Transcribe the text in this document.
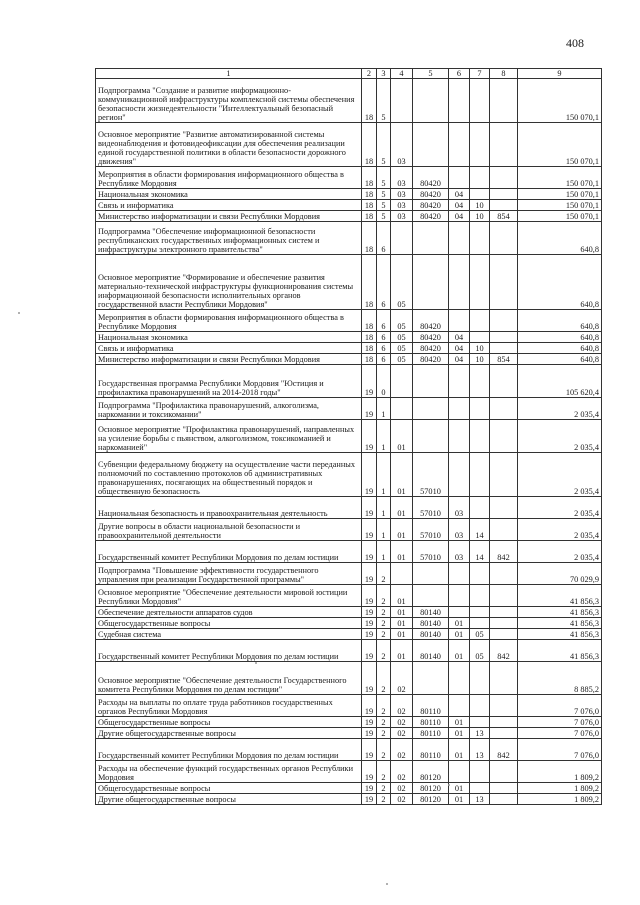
408
1	2	3	4	5	6	7	8	9
Подпрограмма "Создание и развитие информационно-коммуникационной инфраструктуры комплексной системы обеспечения безопасности жизнедеятельности "Интеллектуальный безопасный регион"	18	5						150 070,1
Основное мероприятие "Развитие автоматизированной системы видеонаблюдения и фотовидеофиксации для обеспечения реализации единой государственной политики в области безопасности дорожного движения"	18	5	03					150 070,1
Мероприятия в области формирования информационного общества в Республике Мордовия	18	5	03	80420				150 070,1
Национальная экономика	18	5	03	80420	04			150 070,1
Связь и информатика	18	5	03	80420	04	10		150 070,1
Министерство информатизации и связи Республики Мордовия	18	5	03	80420	04	10	854	150 070,1
Подпрограмма "Обеспечение информационной безопасности республиканских государственных информационных систем и инфраструктуры электронного правительства"	18	6						640,8
Основное мероприятие "Формирование и обеспечение развития материально-технической инфраструктуры функционирования системы информационной безопасности исполнительных органов государственной власти Республики Мордовия"	18	6	05					640,8
Мероприятия в области формирования информационного общества в Республике Мордовия	18	6	05	80420				640,8
Национальная экономика	18	6	05	80420	04			640,8
Связь и информатика	18	6	05	80420	04	10		640,8
Министерство информатизации и связи Республики Мордовия	18	6	05	80420	04	10	854	640,8
Государственная программа Республики Мордовия "Юстиция и профилактика правонарушений на 2014-2018 годы"	19	0						105 620,4
Подпрограмма "Профилактика правонарушений, алкоголизма, наркомании и токсикомании"	19	1						2 035,4
Основное мероприятие "Профилактика правонарушений, направленных на усиление борьбы с пьянством, алкоголизмом, токсикоманией и наркоманией"	19	1	01					2 035,4
Субвенции федеральному бюджету на осуществление части переданных полномочий по составлению протоколов об административных правонарушениях, посягающих на общественный порядок и общественную безопасность	19	1	01	57010				2 035,4
Национальная безопасность и правоохранительная деятельность	19	1	01	57010	03			2 035,4
Другие вопросы в области национальной безопасности и правоохранительной деятельности	19	1	01	57010	03	14		2 035,4
Государственный комитет Республики Мордовия по делам юстиции	19	1	01	57010	03	14	842	2 035,4
Подпрограмма "Повышение эффективности государственного управления при реализации Государственной программы"	19	2						70 029,9
Основное мероприятие "Обеспечение деятельности мировой юстиции Республики Мордовия"	19	2	01					41 856,3
Обеспечение деятельности аппаратов судов	19	2	01	80140				41 856,3
Общегосударственные вопросы	19	2	01	80140	01			41 856,3
Судебная система	19	2	01	80140	01	05		41 856,3
Государственный комитет Республики Мордовия по делам юстиции	19	2	01	80140	01	05	842	41 856,3
Основное мероприятие "Обеспечение деятельности Государственного комитета Республики Мордовия по делам юстиции"	19	2	02					8 885,2
Расходы на выплаты по оплате труда работников государственных органов Республики Мордовия	19	2	02	80110				7 076,0
Общегосударственные вопросы	19	2	02	80110	01			7 076,0
Другие общегосударственные вопросы	19	2	02	80110	01	13		7 076,0
Государственный комитет Республики Мордовия по делам юстиции	19	2	02	80110	01	13	842	7 076,0
Расходы на обеспечение функций государственных органов Республики Мордовия	19	2	02	80120				1 809,2
Общегосударственные вопросы	19	2	02	80120	01			1 809,2
Другие общегосударственные вопросы	19	2	02	80120	01	13		1 809,2
